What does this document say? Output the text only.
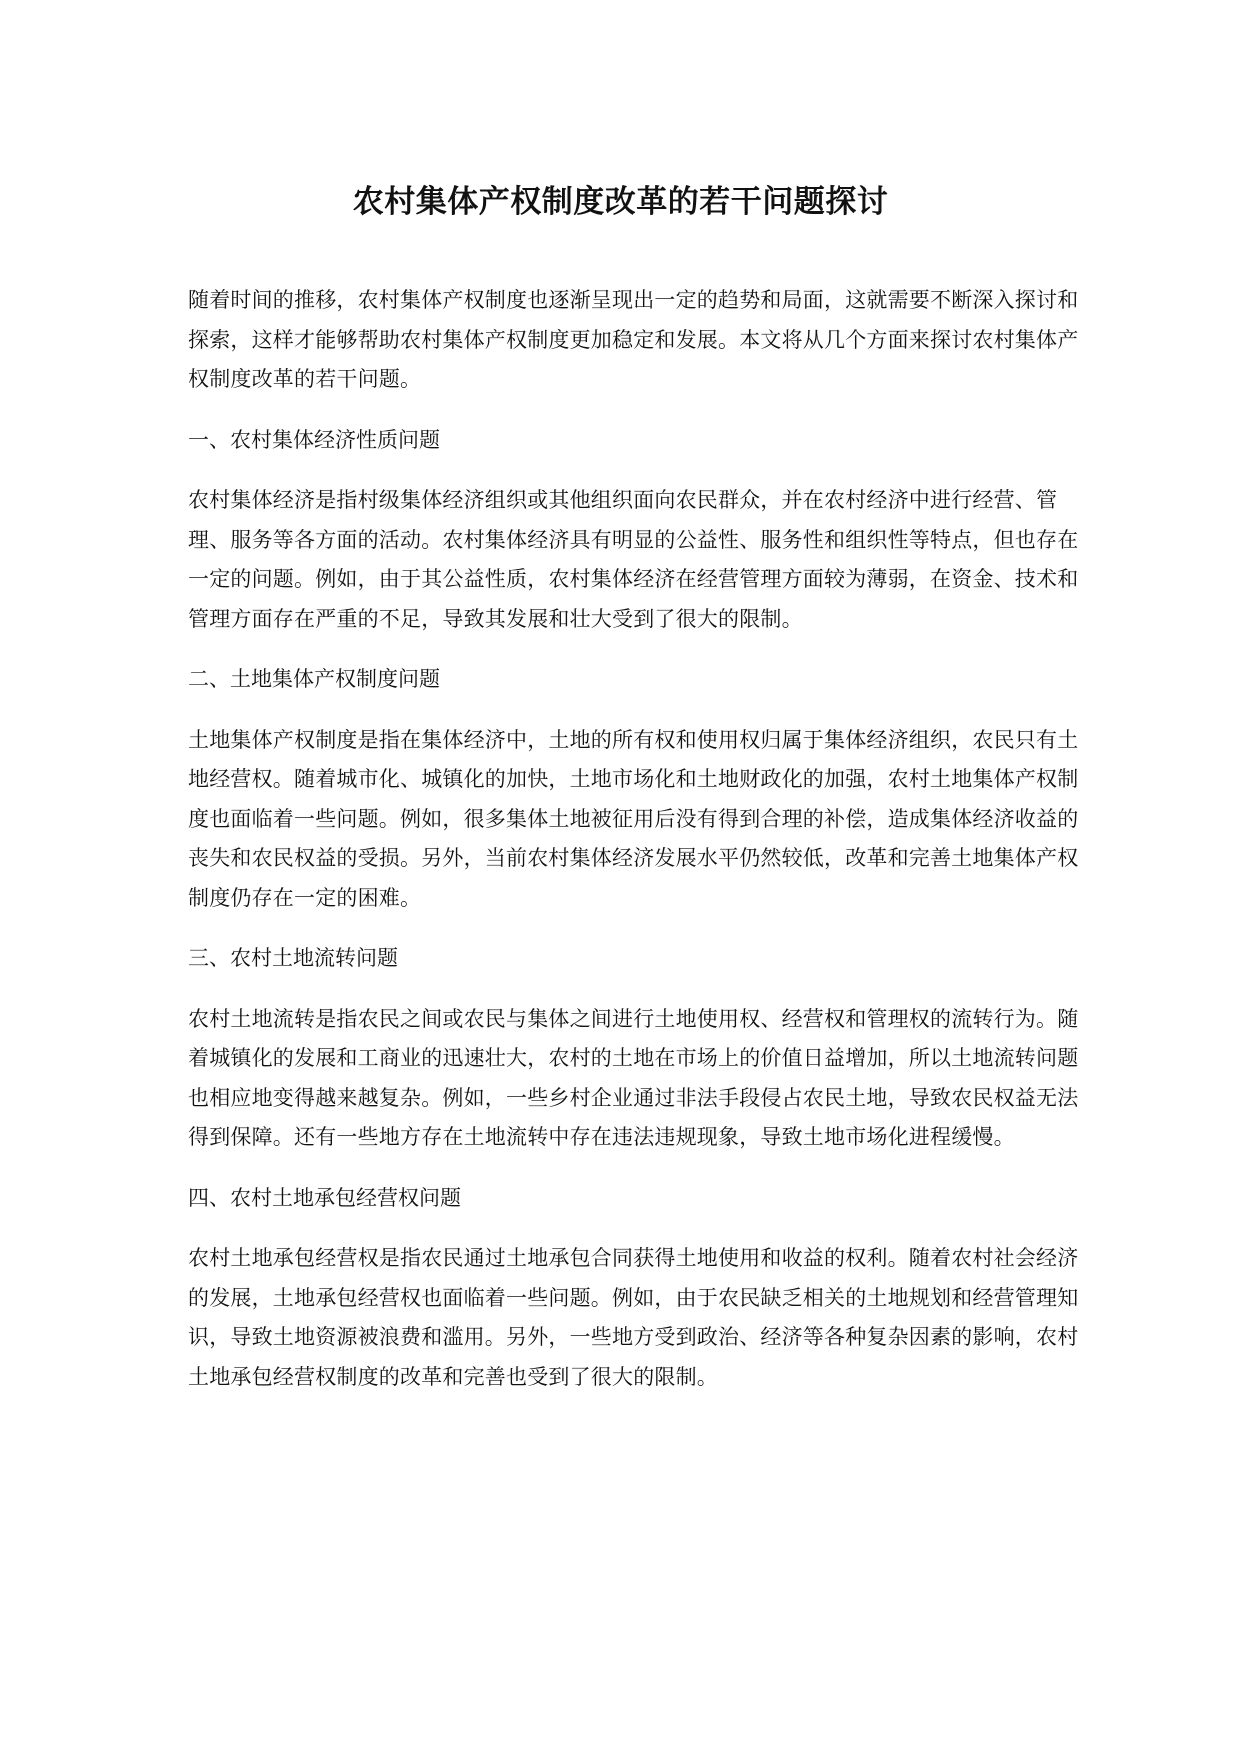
农村集体产权制度改革的若干问题探讨

随着时间的推移，农村集体产权制度也逐渐呈现出一定的趋势和局面，这就需要不断深入探讨和探索，这样才能够帮助农村集体产权制度更加稳定和发展。本文将从几个方面来探讨农村集体产权制度改革的若干问题。

一、农村集体经济性质问题

农村集体经济是指村级集体经济组织或其他组织面向农民群众，并在农村经济中进行经营、管理、服务等各方面的活动。农村集体经济具有明显的公益性、服务性和组织性等特点，但也存在一定的问题。例如，由于其公益性质，农村集体经济在经营管理方面较为薄弱，在资金、技术和管理方面存在严重的不足，导致其发展和壮大受到了很大的限制。

二、土地集体产权制度问题

土地集体产权制度是指在集体经济中，土地的所有权和使用权归属于集体经济组织，农民只有土地经营权。随着城市化、城镇化的加快，土地市场化和土地财政化的加强，农村土地集体产权制度也面临着一些问题。例如，很多集体土地被征用后没有得到合理的补偿，造成集体经济收益的丧失和农民权益的受损。另外，当前农村集体经济发展水平仍然较低，改革和完善土地集体产权制度仍存在一定的困难。

三、农村土地流转问题

农村土地流转是指农民之间或农民与集体之间进行土地使用权、经营权和管理权的流转行为。随着城镇化的发展和工商业的迅速壮大，农村的土地在市场上的价值日益增加，所以土地流转问题也相应地变得越来越复杂。例如，一些乡村企业通过非法手段侵占农民土地，导致农民权益无法得到保障。还有一些地方存在土地流转中存在违法违规现象，导致土地市场化进程缓慢。

四、农村土地承包经营权问题

农村土地承包经营权是指农民通过土地承包合同获得土地使用和收益的权利。随着农村社会经济的发展，土地承包经营权也面临着一些问题。例如，由于农民缺乏相关的土地规划和经营管理知识，导致土地资源被浪费和滥用。另外，一些地方受到政治、经济等各种复杂因素的影响，农村土地承包经营权制度的改革和完善也受到了很大的限制。
